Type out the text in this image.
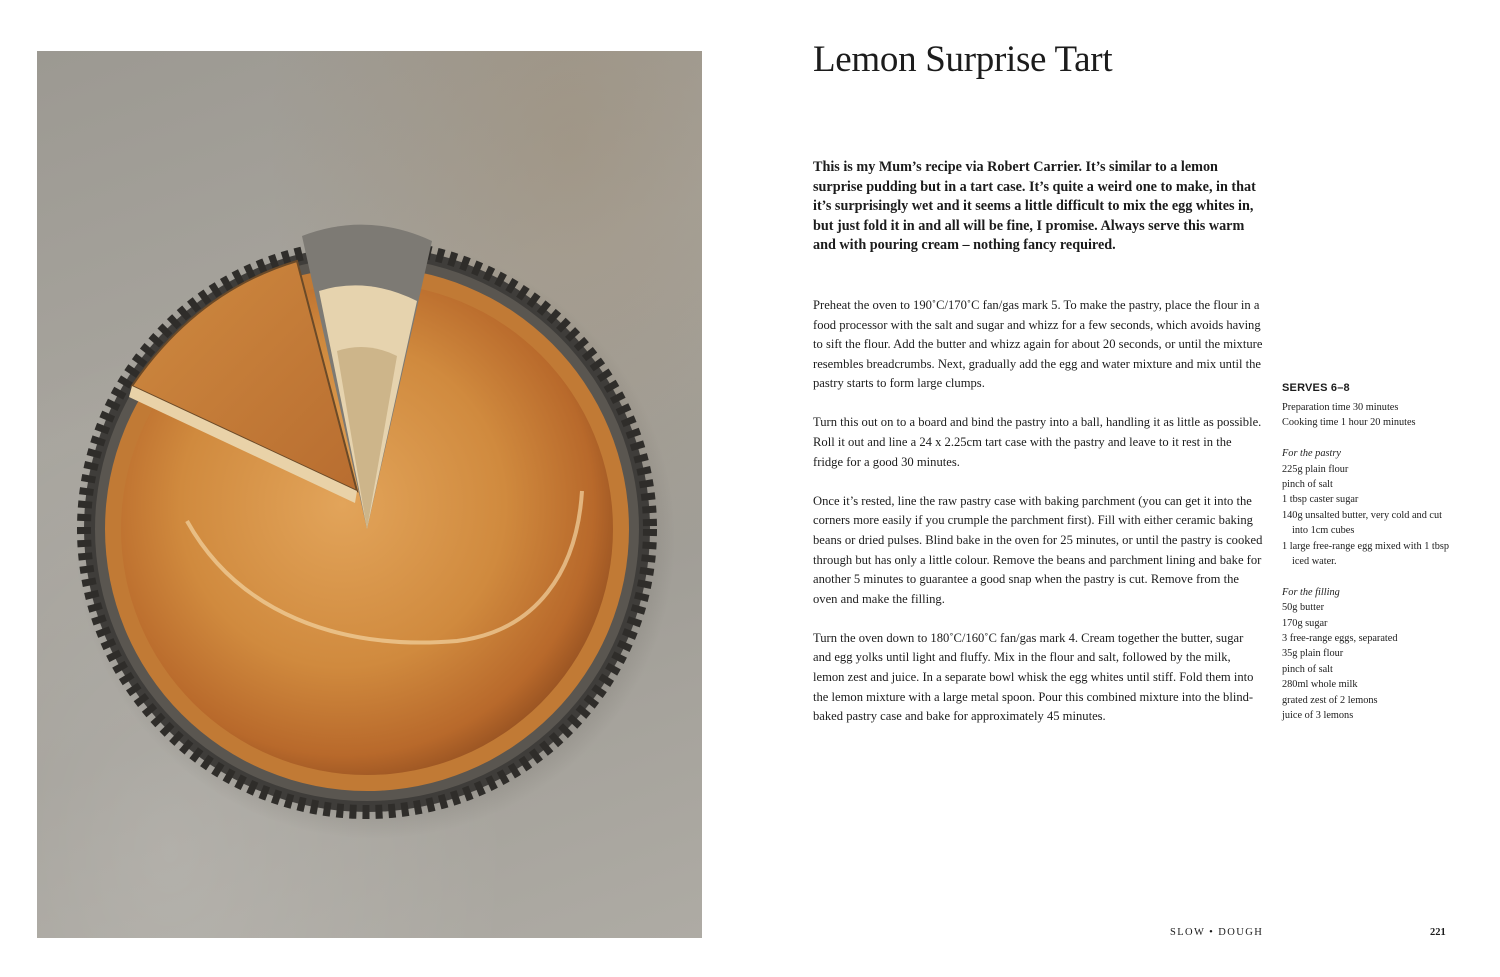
Lemon Surprise Tart

This is my Mum’s recipe via Robert Carrier. It’s similar to a lemon surprise pudding but in a tart case. It’s quite a weird one to make, in that it’s surprisingly wet and it seems a little difficult to mix the egg whites in, but just fold it in and all will be fine, I promise. Always serve this warm and with pouring cream – nothing fancy required.

Preheat the oven to 190˚C/170˚C fan/gas mark 5. To make the pastry, place the flour in a food processor with the salt and sugar and whizz for a few seconds, which avoids having to sift the flour. Add the butter and whizz again for about 20 seconds, or until the mixture resembles breadcrumbs. Next, gradually add the egg and water mixture and mix until the pastry starts to form large clumps.

Turn this out on to a board and bind the pastry into a ball, handling it as little as possible. Roll it out and line a 24 x 2.25cm tart case with the pastry and leave to it rest in the fridge for a good 30 minutes.

Once it’s rested, line the raw pastry case with baking parchment (you can get it into the corners more easily if you crumple the parchment first). Fill with either ceramic baking beans or dried pulses. Blind bake in the oven for 25 minutes, or until the pastry is cooked through but has only a little colour. Remove the beans and parchment lining and bake for another 5 minutes to guarantee a good snap when the pastry is cut. Remove from the oven and make the filling.

Turn the oven down to 180˚C/160˚C fan/gas mark 4. Cream together the butter, sugar and egg yolks until light and fluffy. Mix in the flour and salt, followed by the milk, lemon zest and juice. In a separate bowl whisk the egg whites until stiff. Fold them into the lemon mixture with a large metal spoon. Pour this combined mixture into the blind-baked pastry case and bake for approximately 45 minutes.

SERVES 6–8

Preparation time 30 minutes

Cooking time 1 hour 20 minutes

For the pastry

225g plain flour

pinch of salt

1 tbsp caster sugar

140g unsalted butter, very cold and cut into 1cm cubes

1 large free-range egg mixed with 1 tbsp iced water.

For the filling

50g butter

170g sugar

3 free-range eggs, separated

35g plain flour

pinch of salt

280ml whole milk

grated zest of 2 lemons

juice of 3 lemons

SLOW • DOUGH	221
